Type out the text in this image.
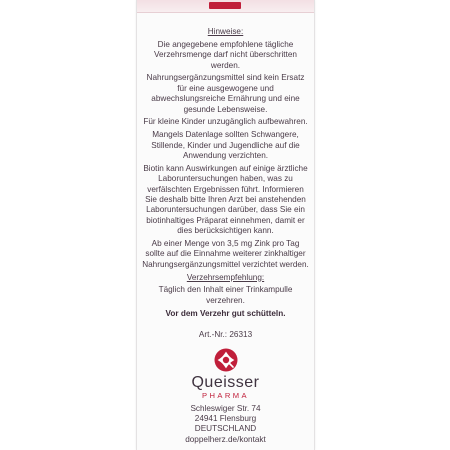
Hinweise:

Die angegebene empfohlene tägliche Verzehrsmenge darf nicht überschritten werden.

Nahrungsergänzungsmittel sind kein Ersatz für eine ausgewogene und abwechslungsreiche Ernährung und eine gesunde Lebensweise.

Für kleine Kinder unzugänglich aufbewahren.

Mangels Datenlage sollten Schwangere, Stillende, Kinder und Jugendliche auf die Anwendung verzichten.

Biotin kann Auswirkungen auf einige ärztliche Laboruntersuchungen haben, was zu verfälschten Ergebnissen führt. Informieren Sie deshalb bitte Ihren Arzt bei anstehenden Laboruntersuchungen darüber, dass Sie ein biotinhaltiges Präparat einnehmen, damit er dies berücksichtigen kann.

Ab einer Menge von 3,5 mg Zink pro Tag sollte auf die Einnahme weiterer zinkhaltiger Nahrungsergänzungsmittel verzichtet werden.

Verzehrsempfehlung:

Täglich den Inhalt einer Trinkampulle verzehren.

Vor dem Verzehr gut schütteln.

Art.-Nr.: 26313

Queisser
PHARMA
Schleswiger Str. 74
24941 Flensburg
DEUTSCHLAND
doppelherz.de/kontakt
